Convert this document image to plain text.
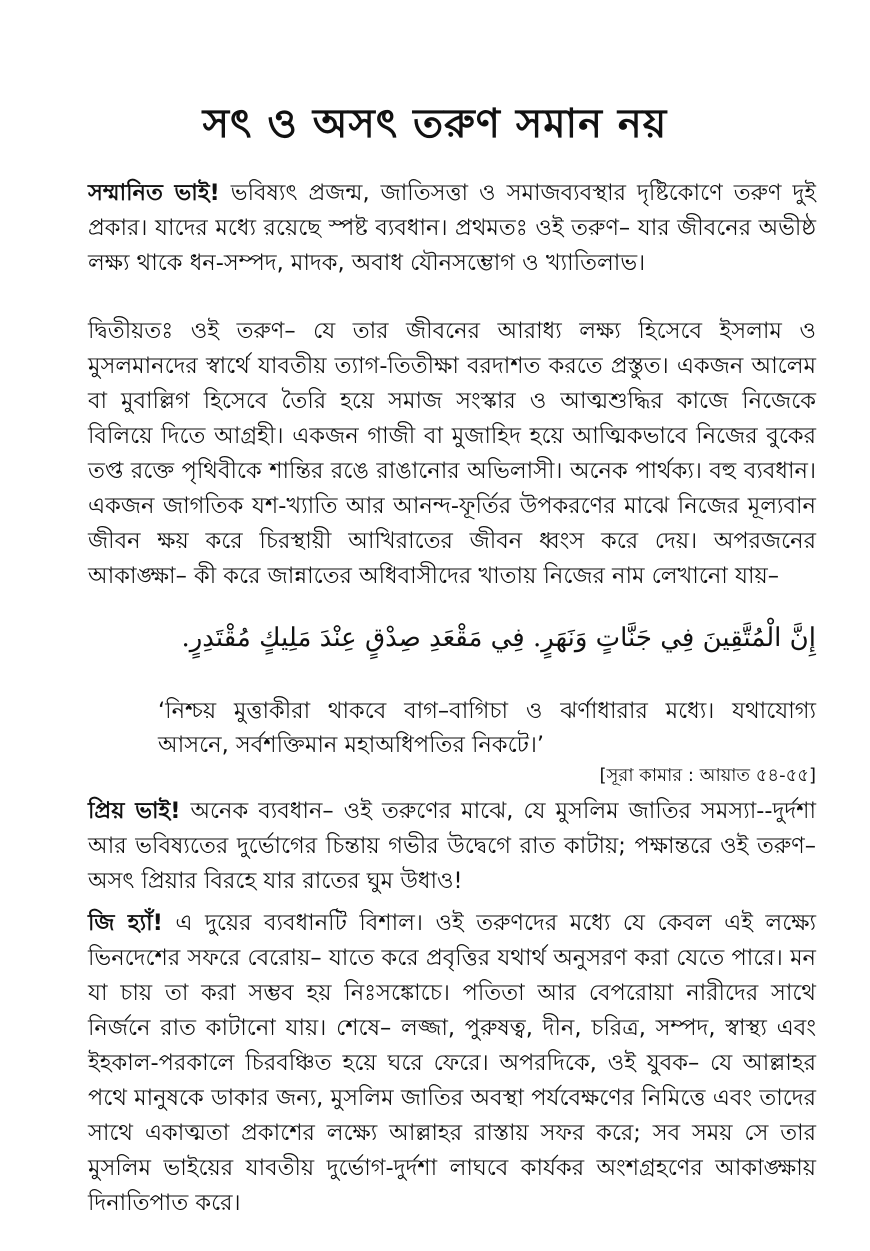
সৎ ও অসৎ তরুণ সমান নয়
সম্মানিত ভাই! ভবিষ্যৎ প্রজন্ম, জাতিসত্তা ও সমাজব্যবস্থার দৃষ্টিকোণে তরুণ দুই প্রকার। যাদের মধ্যে রয়েছে স্পষ্ট ব্যবধান। প্রথমতঃ ওই তরুণ– যার জীবনের অভীষ্ঠ লক্ষ্য থাকে ধন-সম্পদ, মাদক, অবাধ যৌনসম্ভোগ ও খ্যাতিলাভ।
দ্বিতীয়তঃ ওই তরুণ– যে তার জীবনের আরাধ্য লক্ষ্য হিসেবে ইসলাম ও মুসলমানদের স্বার্থে যাবতীয় ত্যাগ-তিতীক্ষা বরদাশত করতে প্রস্তুত। একজন আলেম বা মুবাল্লিগ হিসেবে তৈরি হয়ে সমাজ সংস্কার ও আত্মশুদ্ধির কাজে নিজেকে বিলিয়ে দিতে আগ্রহী। একজন গাজী বা মুজাহিদ হয়ে আত্মিকভাবে নিজের বুকের তপ্ত রক্তে পৃথিবীকে শান্তির রঙে রাঙানোর অভিলাসী। অনেক পার্থক্য। বহু ব্যবধান। একজন জাগতিক যশ-খ্যাতি আর আনন্দ-ফূর্তির উপকরণের মাঝে নিজের মূল্যবান জীবন ক্ষয় করে চিরস্থায়ী আখিরাতের জীবন ধ্বংস করে দেয়। অপরজনের আকাঙ্ক্ষা– কী করে জান্নাতের অধিবাসীদের খাতায় নিজের নাম লেখানো যায়–
إِنَّ الْمُتَّقِينَ فِي جَنَّاتٍ وَنَهَرٍ. فِي مَقْعَدِ صِدْقٍ عِنْدَ مَلِيكٍ مُقْتَدِرٍ.
‘নিশ্চয় মুত্তাকীরা থাকবে বাগ–বাগিচা ও ঝর্ণাধারার মধ্যে। যথাযোগ্য আসনে, সর্বশক্তিমান মহাঅধিপতির নিকটে।’
[সূরা কামার : আয়াত ৫৪-৫৫]
প্রিয় ভাই! অনেক ব্যবধান– ওই তরুণের মাঝে, যে মুসলিম জাতির সমস্যা--দুর্দশা আর ভবিষ্যতের দুর্ভোগের চিন্তায় গভীর উদ্বেগে রাত কাটায়; পক্ষান্তরে ওই তরুণ– অসৎ প্রিয়ার বিরহে যার রাতের ঘুম উধাও!
জি হ্যাঁ! এ দুয়ের ব্যবধানটি বিশাল। ওই তরুণদের মধ্যে যে কেবল এই লক্ষ্যে ভিনদেশের সফরে বেরোয়– যাতে করে প্রবৃত্তির যথার্থ অনুসরণ করা যেতে পারে। মন যা চায় তা করা সম্ভব হয় নিঃসঙ্কোচে। পতিতা আর বেপরোয়া নারীদের সাথে নির্জনে রাত কাটানো যায়। শেষে– লজ্জা, পুরুষত্ব, দীন, চরিত্র, সম্পদ, স্বাস্থ্য এবং ইহকাল-পরকালে চিরবঞ্চিত হয়ে ঘরে ফেরে। অপরদিকে, ওই যুবক– যে আল্লাহর পথে মানুষকে ডাকার জন্য, মুসলিম জাতির অবস্থা পর্যবেক্ষণের নিমিত্তে এবং তাদের সাথে একাত্মতা প্রকাশের লক্ষ্যে আল্লাহর রাস্তায় সফর করে; সব সময় সে তার মুসলিম ভাইয়ের যাবতীয় দুর্ভোগ-দুর্দশা লাঘবে কার্যকর অংশগ্রহণের আকাঙ্ক্ষায় দিনাতিপাত করে।
